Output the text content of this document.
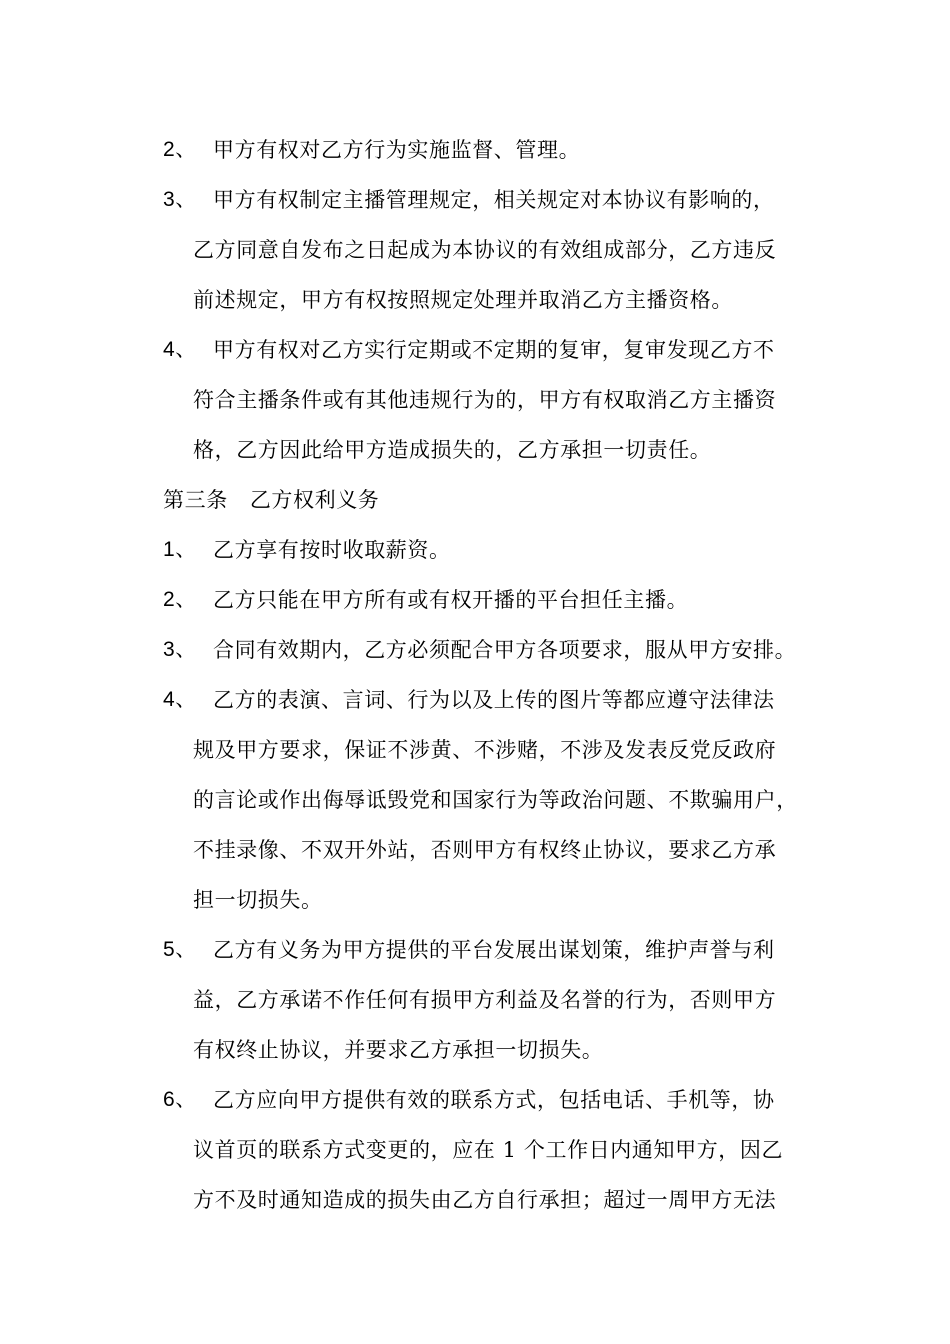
2、 甲方有权对乙方行为实施监督、管理。
3、 甲方有权制定主播管理规定，相关规定对本协议有影响的，
乙方同意自发布之日起成为本协议的有效组成部分，乙方违反
前述规定，甲方有权按照规定处理并取消乙方主播资格。
4、 甲方有权对乙方实行定期或不定期的复审，复审发现乙方不
符合主播条件或有其他违规行为的，甲方有权取消乙方主播资
格，乙方因此给甲方造成损失的，乙方承担一切责任。
第三条 乙方权利义务
1、 乙方享有按时收取薪资。
2、 乙方只能在甲方所有或有权开播的平台担任主播。
3、 合同有效期内，乙方必须配合甲方各项要求，服从甲方安排。
4、 乙方的表演、言词、行为以及上传的图片等都应遵守法律法
规及甲方要求，保证不涉黄、不涉赌，不涉及发表反党反政府
的言论或作出侮辱诋毁党和国家行为等政治问题、不欺骗用户，
不挂录像、不双开外站，否则甲方有权终止协议，要求乙方承
担一切损失。
5、 乙方有义务为甲方提供的平台发展出谋划策，维护声誉与利
益，乙方承诺不作任何有损甲方利益及名誉的行为，否则甲方
有权终止协议，并要求乙方承担一切损失。
6、 乙方应向甲方提供有效的联系方式，包括电话、手机等，协
议首页的联系方式变更的，应在 1 个工作日内通知甲方，因乙
方不及时通知造成的损失由乙方自行承担；超过一周甲方无法
